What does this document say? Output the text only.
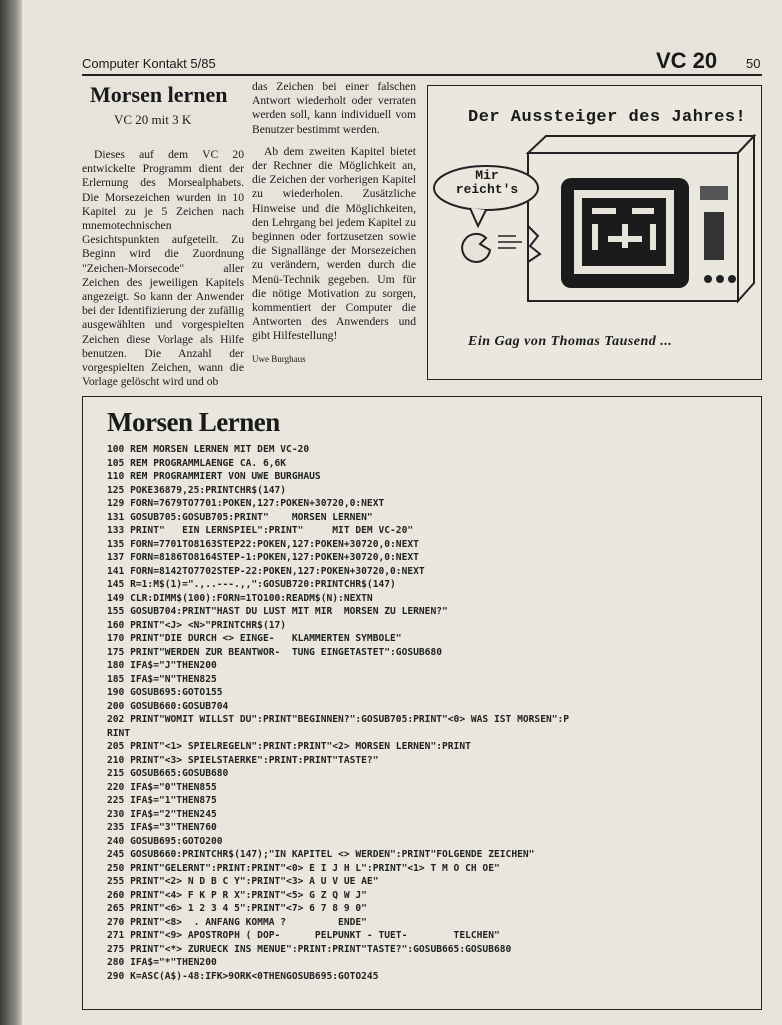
Computer Kontakt 5/85	VC 20 50
Morsen lernen
VC 20 mit 3 K

Dieses auf dem VC 20 entwickelte Programm dient der Erlernung des Morsealphabets. Die Morsezeichen wurden in 10 Kapitel zu je 5 Zeichen nach mnemotechnischen Gesichtspunkten aufgeteilt. Zu Beginn wird die Zuordnung "Zeichen-Morsecode" aller Zeichen des jeweiligen Kapitels angezeigt. So kann der Anwender bei der Identifizierung der zufällig ausgewählten und vorgespielten Zeichen diese Vorlage als Hilfe benutzen. Die Anzahl der vorgespielten Zeichen, wann die Vorlage gelöscht wird und ob

das Zeichen bei einer falschen Antwort wiederholt oder verraten werden soll, kann individuell vom Benutzer bestimmt werden.

Ab dem zweiten Kapitel bietet der Rechner die Möglichkeit an, die Zeichen der vorherigen Kapitel zu wiederholen. Zusätzliche Hinweise und die Möglichkeiten, den Lehrgang bei jedem Kapitel zu beginnen oder fortzusetzen sowie die Signallänge der Morsezeichen zu verändern, werden durch die Menü-Technik gegeben. Um für die nötige Motivation zu sorgen, kommentiert der Computer die Antworten des Anwenders und gibt Hilfestellung!

Uwe Burghaus
Der Aussteiger des Jahres!
Mir
reicht's
Ein Gag von Thomas Tausend ...
Morsen Lernen
100 REM MORSEN LERNEN MIT DEM VC-20
105 REM PROGRAMMLAENGE CA. 6,6K
110 REM PROGRAMMIERT VON UWE BURGHAUS
125 POKE36879,25:PRINTCHR$(147)
129 FORN=7679TO7701:POKEN,127:POKEN+30720,0:NEXT
131 GOSUB705:GOSUB705:PRINT"    MORSEN LERNEN"
133 PRINT"   EIN LERNSPIEL":PRINT"     MIT DEM VC-20"
135 FORN=7701TO8163STEP22:POKEN,127:POKEN+30720,0:NEXT
137 FORN=8186TO8164STEP-1:POKEN,127:POKEN+30720,0:NEXT
141 FORN=8142TO7702STEP-22:POKEN,127:POKEN+30720,0:NEXT
145 R=1:M$(1)=".,..---.,,":GOSUB720:PRINTCHR$(147)
149 CLR:DIMM$(100):FORN=1TO100:READM$(N):NEXTN
155 GOSUB704:PRINT"HAST DU LUST MIT MIR  MORSEN ZU LERNEN?"
160 PRINT"<J> <N>"PRINTCHR$(17)
170 PRINT"DIE DURCH <> EINGE-   KLAMMERTEN SYMBOLE"
175 PRINT"WERDEN ZUR BEANTWOR-  TUNG EINGETASTET":GOSUB680
180 IFA$="J"THEN200
185 IFA$="N"THEN825
190 GOSUB695:GOTO155
200 GOSUB660:GOSUB704
202 PRINT"WOMIT WILLST DU":PRINT"BEGINNEN?":GOSUB705:PRINT"<0> WAS IST MORSEN":P
RINT
205 PRINT"<1> SPIELREGELN":PRINT:PRINT"<2> MORSEN LERNEN":PRINT
210 PRINT"<3> SPIELSTAERKE":PRINT:PRINT"TASTE?"
215 GOSUB665:GOSUB680
220 IFA$="0"THEN855
225 IFA$="1"THEN875
230 IFA$="2"THEN245
235 IFA$="3"THEN760
240 GOSUB695:GOTO200
245 GOSUB660:PRINTCHR$(147);"IN KAPITEL <> WERDEN":PRINT"FOLGENDE ZEICHEN"
250 PRINT"GELERNT":PRINT:PRINT"<0> E I J H L":PRINT"<1> T M O CH OE"
255 PRINT"<2> N D B C Y":PRINT"<3> A U V UE AE"
260 PRINT"<4> F K P R X":PRINT"<5> G Z Q W J"
265 PRINT"<6> 1 2 3 4 5":PRINT"<7> 6 7 8 9 0"
270 PRINT"<8>  . ANFANG KOMMA ?         ENDE"
271 PRINT"<9> APOSTROPH ( DOP-      PELPUNKT - TUET-        TELCHEN"
275 PRINT"<*> ZURUECK INS MENUE":PRINT:PRINT"TASTE?":GOSUB665:GOSUB680
280 IFA$="*"THEN200
290 K=ASC(A$)-48:IFK>9ORK<0THENGOSUB695:GOTO245
